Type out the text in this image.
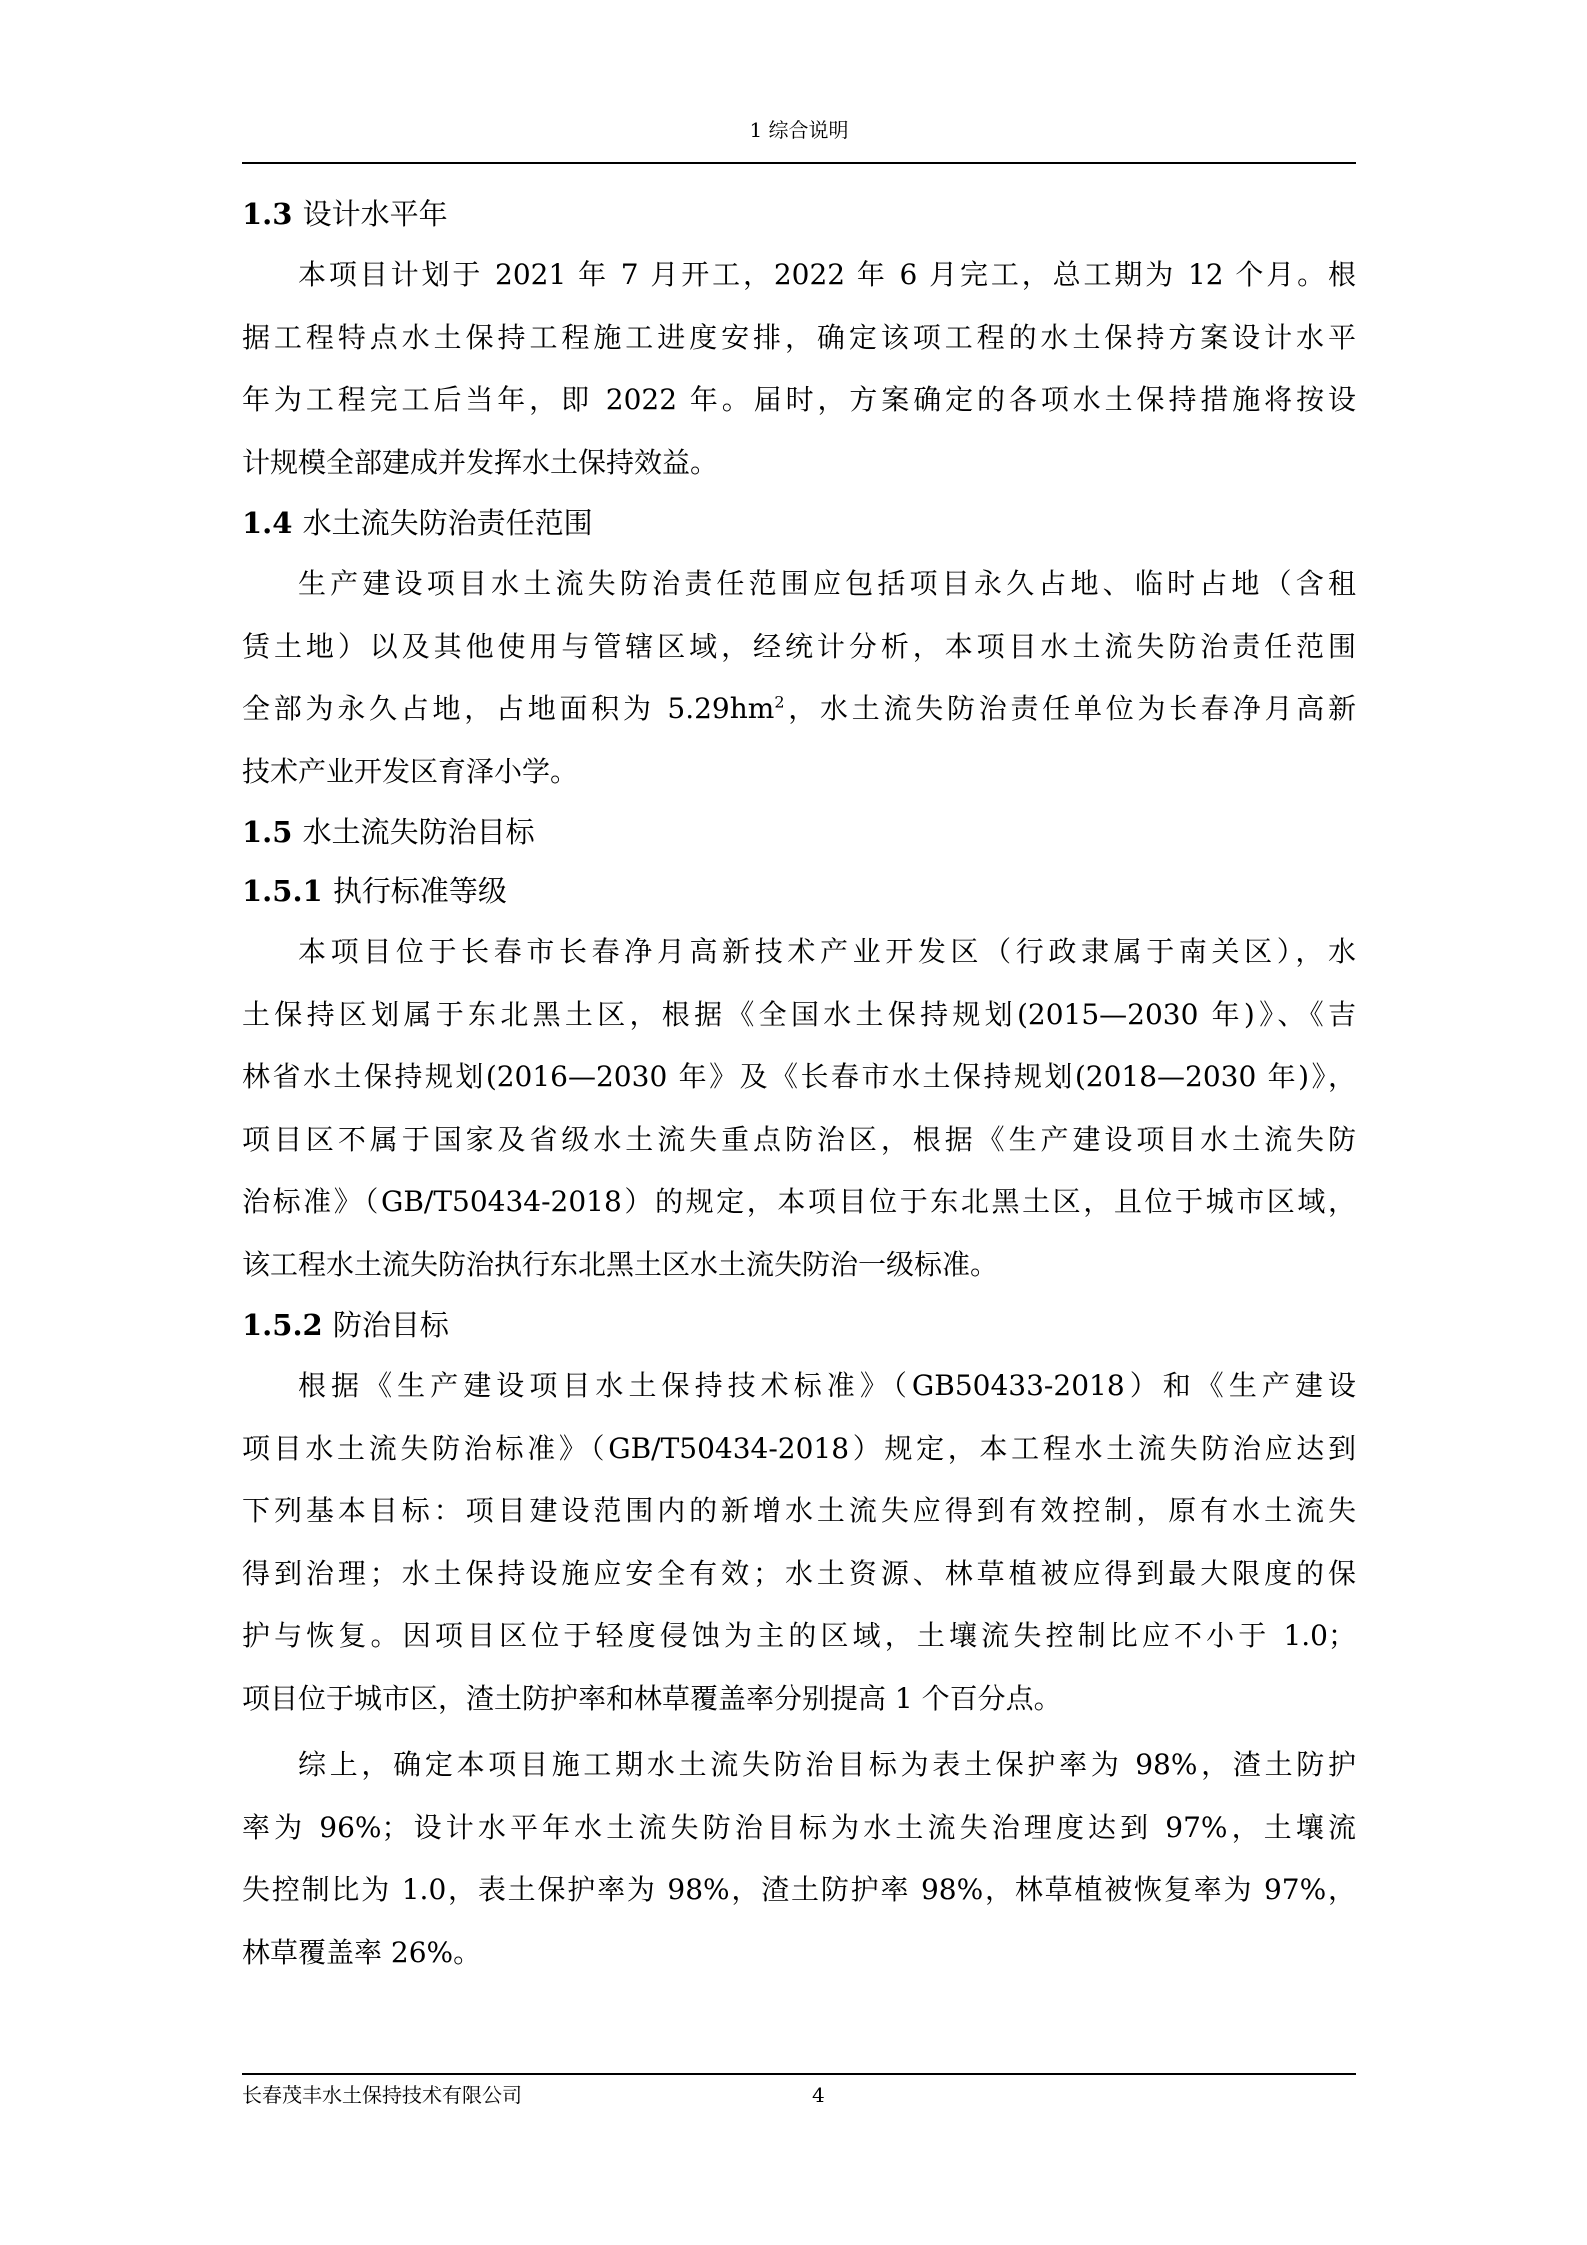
1 综合说明
1.3 设计水平年

本项目计划于 2021 年 7 月开工，2022 年 6 月完工，总工期为 12 个月。根
据工程特点水土保持工程施工进度安排，确定该项工程的水土保持方案设计水平
年为工程完工后当年，即 2022 年。届时，方案确定的各项水土保持措施将按设
计规模全部建成并发挥水土保持效益。

1.4 水土流失防治责任范围

生产建设项目水土流失防治责任范围应包括项目永久占地、临时占地（含租
赁土地）以及其他使用与管辖区域，经统计分析，本项目水土流失防治责任范围
全部为永久占地，占地面积为 $5.29hm^2$，水土流失防治责任单位为长春净月高新
技术产业开发区育泽小学。

1.5 水土流失防治目标
1.5.1 执行标准等级

本项目位于长春市长春净月高新技术产业开发区（行政隶属于南关区），水
土保持区划属于东北黑土区，根据《全国水土保持规划(2015—2030 年)》、《吉
林省水土保持规划(2016—2030 年》及《长春市水土保持规划(2018—2030 年)》，
项目区不属于国家及省级水土流失重点防治区，根据《生产建设项目水土流失防
治标准》（GB/T50434-2018）的规定，本项目位于东北黑土区，且位于城市区域，
该工程水土流失防治执行东北黑土区水土流失防治一级标准。

1.5.2 防治目标

根据《生产建设项目水土保持技术标准》（GB50433-2018）和《生产建设
项目水土流失防治标准》（GB/T50434-2018）规定，本工程水土流失防治应达到
下列基本目标：项目建设范围内的新增水土流失应得到有效控制，原有水土流失
得到治理；水土保持设施应安全有效；水土资源、林草植被应得到最大限度的保
护与恢复。因项目区位于轻度侵蚀为主的区域，土壤流失控制比应不小于 1.0；
项目位于城市区，渣土防护率和林草覆盖率分别提高 1 个百分点。

综上，确定本项目施工期水土流失防治目标为表土保护率为 98%，渣土防护
率为 96%；设计水平年水土流失防治目标为水土流失治理度达到 97%，土壤流
失控制比为 1.0，表土保护率为 98%，渣土防护率 98%，林草植被恢复率为 97%，
林草覆盖率 26%。

长春茂丰水土保持技术有限公司	4
